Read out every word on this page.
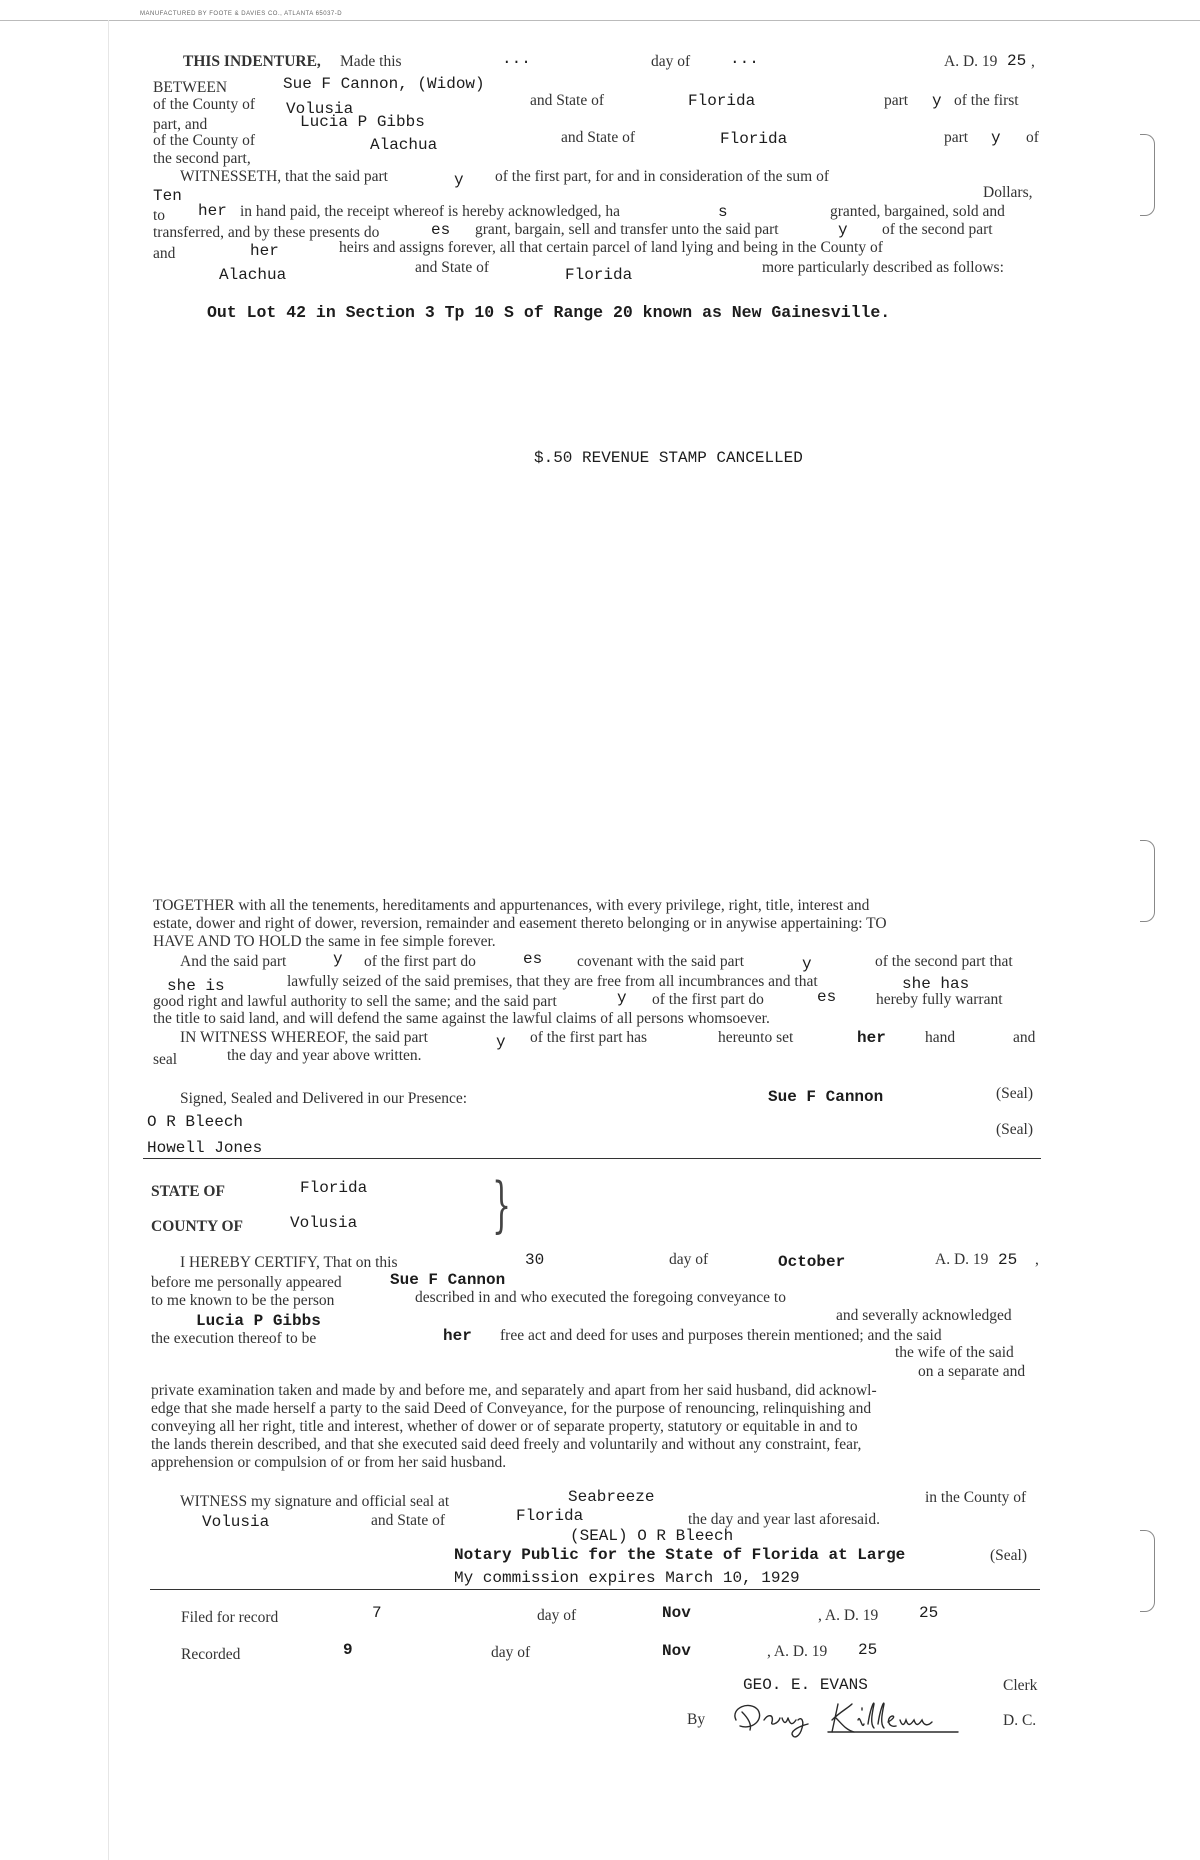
MANUFACTURED BY FOOTE & DAVIES CO., ATLANTA 65037-D
THIS INDENTURE, Made this	...	day of ...	A. D. 19 25 ,
BETWEEN	Sue F Cannon, (Widow)
of the County of Volusia	and State of	Florida	part y of the first
part, and	Lucia P Gibbs
of the County of	Alachua	and State of	Florida	part y of
the second part,
WITNESSETH, that the said part	y of the first part, for and in consideration of the sum of
Ten	Dollars,
to her in hand paid, the receipt whereof is hereby acknowledged, ha	s	granted, bargained, sold and
transferred, and by these presents do	es grant, bargain, sell and transfer unto the said part	y of the second part
and	her	heirs and assigns forever, all that certain parcel of land lying and being in the County of
Alachua	and State of	Florida	more particularly described as follows:
Out Lot 42 in Section 3 Tp 10 S of Range 20 known as New Gainesville.
$.50 REVENUE STAMP CANCELLED
TOGETHER with all the tenements, hereditaments and appurtenances, with every privilege, right, title, interest and
estate, dower and right of dower, reversion, remainder and easement thereto belonging or in anywise appertaining: TO
HAVE AND TO HOLD the same in fee simple forever.
And the said part	y of the first part do	es covenant with the said part	y	of the second part that
she is	lawfully seized of the said premises, that they are free from all incumbrances and that	she has
good right and lawful authority to sell the same; and the said part	y of the first part do	es	hereby fully warrant
the title to said land, and will defend the same against the lawful claims of all persons whomsoever.
IN WITNESS WHEREOF, the said part	y of the first part has	hereunto set	her	hand	and
seal	the day and year above written.
Signed, Sealed and Delivered in our Presence:	Sue F Cannon	(Seal)
O R Bleech	(Seal)
Howell Jones
STATE OF	Florida
COUNTY OF	Volusia }
I HEREBY CERTIFY, That on this	30	day of	October	A. D. 19 25 ,
before me personally appeared	Sue F Cannon
to me known to be the person	described in and who executed the foregoing conveyance to
Lucia P Gibbs	and severally acknowledged
the execution thereof to be	her free act and deed for uses and purposes therein mentioned; and the said
the wife of the said
on a separate and
private examination taken and made by and before me, and separately and apart from her said husband, did acknowl-
edge that she made herself a party to the said Deed of Conveyance, for the purpose of renouncing, relinquishing and
conveying all her right, title and interest, whether of dower or of separate property, statutory or equitable in and to
the lands therein described, and that she executed said deed freely and voluntarily and without any constraint, fear,
apprehension or compulsion of or from her said husband.
WITNESS my signature and official seal at	Seabreeze	in the County of
Volusia	and State of	Florida	the day and year last aforesaid.
(SEAL) O R Bleech
Notary Public for the State of Florida at Large	(Seal)
My commission expires March 10, 1929
Filed for record	7	day of	Nov	, A. D. 19	25
Recorded	9	day of	Nov	, A. D. 19 25
GEO. E. EVANS	Clerk
By	D. C.
